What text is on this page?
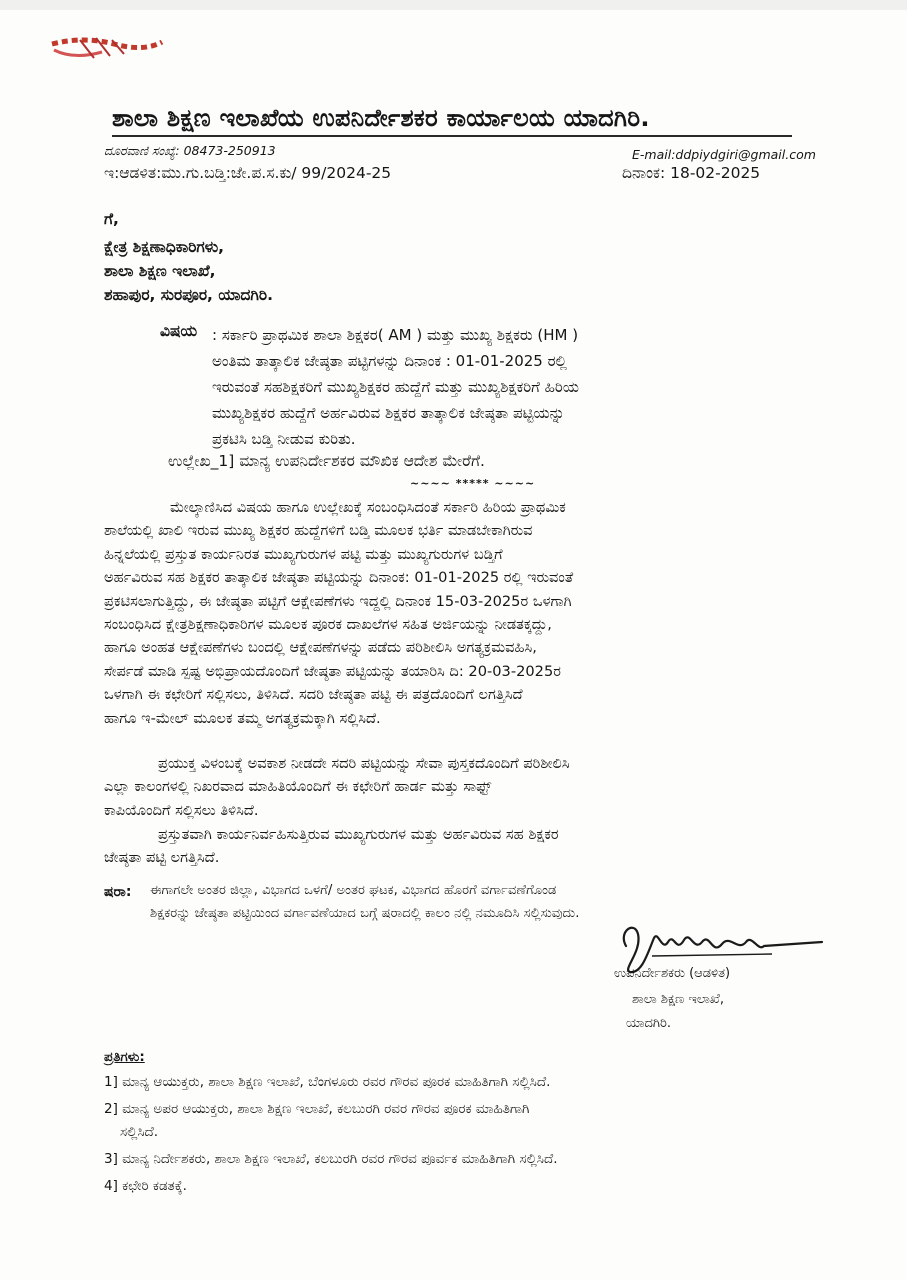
ಶಾಲಾ ಶಿಕ್ಷಣ ಇಲಾಖೆಯ ಉಪನಿರ್ದೇಶಕರ ಕಾರ್ಯಾಲಯ ಯಾದಗಿರಿ.
ದೂರವಾಣಿ ಸಂಖ್ಯೆ: 08473-250913	E-mail:ddpiydgiri@gmail.com
ಇ:ಆಡಳಿತ:ಮು.ಗು.ಬಡ್ತಿ:ಜೇ.ಪ.ಸ.ಕು/ 99/2024-25	ದಿನಾಂಕ: 18-02-2025
ಗೆ,
ಕ್ಷೇತ್ರ ಶಿಕ್ಷಣಾಧಿಕಾರಿಗಳು,
ಶಾಲಾ ಶಿಕ್ಷಣ ಇಲಾಖೆ,
ಶಹಾಪುರ, ಸುರಪೂರ, ಯಾದಗಿರಿ.
ವಿಷಯ : ಸರ್ಕಾರಿ ಪ್ರಾಥಮಿಕ ಶಾಲಾ ಶಿಕ್ಷಕರ( AM ) ಮತ್ತು ಮುಖ್ಯ ಶಿಕ್ಷಕರು (HM )

ಅಂತಿಮ ತಾತ್ಕಾಲಿಕ ಜೇಷ್ಠತಾ ಪಟ್ಟಿಗಳನ್ನು ದಿನಾಂಕ : 01-01-2025 ರಲ್ಲಿ

ಇರುವಂತೆ ಸಹಶಿಕ್ಷಕರಿಗೆ ಮುಖ್ಯಶಿಕ್ಷಕರ ಹುದ್ದೆಗೆ ಮತ್ತು ಮುಖ್ಯಶಿಕ್ಷಕರಿಗೆ ಹಿರಿಯ

ಮುಖ್ಯಶಿಕ್ಷಕರ ಹುದ್ದೆಗೆ ಅರ್ಹವಿರುವ ಶಿಕ್ಷಕರ ತಾತ್ಕಾಲಿಕ ಜೇಷ್ಠತಾ ಪಟ್ಟಿಯನ್ನು

ಪ್ರಕಟಿಸಿ ಬಡ್ತಿ ನೀಡುವ ಕುರಿತು.

ಉಲ್ಲೇಖ_1] ಮಾನ್ಯ ಉಪನಿರ್ದೇಶಕರ ಮೌಖಿಕ ಆದೇಶ ಮೇರೆಗೆ.
~~~~ ***** ~~~~

ಮೇಲ್ಕಾಣಿಸಿದ ವಿಷಯ ಹಾಗೂ ಉಲ್ಲೇಖಕ್ಕೆ ಸಂಬಂಧಿಸಿದಂತೆ ಸರ್ಕಾರಿ ಹಿರಿಯ ಪ್ರಾಥಮಿಕ

ಶಾಲೆಯಲ್ಲಿ ಖಾಲಿ ಇರುವ ಮುಖ್ಯ ಶಿಕ್ಷಕರ ಹುದ್ದೆಗಳಿಗೆ ಬಡ್ತಿ ಮೂಲಕ ಭರ್ತಿ ಮಾಡಬೇಕಾಗಿರುವ

ಹಿನ್ನಲೆಯಲ್ಲಿ ಪ್ರಸ್ತುತ ಕಾರ್ಯನಿರತ ಮುಖ್ಯಗುರುಗಳ ಪಟ್ಟಿ ಮತ್ತು ಮುಖ್ಯಗುರುಗಳ ಬಡ್ತಿಗೆ

ಅರ್ಹವಿರುವ ಸಹ ಶಿಕ್ಷಕರ ತಾತ್ಕಾಲಿಕ ಜೇಷ್ಠತಾ ಪಟ್ಟಿಯನ್ನು ದಿನಾಂಕ: 01-01-2025 ರಲ್ಲಿ ಇರುವಂತೆ

ಪ್ರಕಟಿಸಲಾಗುತ್ತಿದ್ದು, ಈ ಜೇಷ್ಠತಾ ಪಟ್ಟಿಗೆ ಆಕ್ಷೇಪಣೆಗಳು ಇದ್ದಲ್ಲಿ ದಿನಾಂಕ 15-03-2025ರ ಒಳಗಾಗಿ

ಸಂಬಂಧಿಸಿದ ಕ್ಷೇತ್ರಶಿಕ್ಷಣಾಧಿಕಾರಿಗಳ ಮೂಲಕ ಪೂರಕ ದಾಖಲೆಗಳ ಸಹಿತ ಅರ್ಜಿಯನ್ನು ನೀಡತಕ್ಕದ್ದು,

ಹಾಗೂ ಅಂಹತ ಆಕ್ಷೇಪಣೆಗಳು ಬಂದಲ್ಲಿ ಆಕ್ಷೇಪಣೆಗಳನ್ನು ಪಡೆದು ಪರಿಶೀಲಿಸಿ ಅಗತ್ಯಕ್ರಮವಹಿಸಿ,

ಸೇರ್ಪಡೆ ಮಾಡಿ ಸ್ಪಷ್ಟ ಅಭಿಪ್ರಾಯದೊಂದಿಗೆ ಜೇಷ್ಠತಾ ಪಟ್ಟಿಯನ್ನು ತಯಾರಿಸಿ ದಿ: 20-03-2025ರ

ಒಳಗಾಗಿ ಈ ಕಛೇರಿಗೆ ಸಲ್ಲಿಸಲು, ತಿಳಿಸಿದೆ. ಸದರಿ ಜೇಷ್ಠತಾ ಪಟ್ಟಿ ಈ ಪತ್ರದೊಂದಿಗೆ ಲಗತ್ತಿಸಿದೆ

ಹಾಗೂ ಇ-ಮೇಲ್ ಮೂಲಕ ತಮ್ಮ ಅಗತ್ಯಕ್ರಮಕ್ಕಾಗಿ ಸಲ್ಲಿಸಿದೆ.

ಪ್ರಯುಕ್ತ ವಿಳಂಬಕ್ಕೆ ಅವಕಾಶ ನೀಡದೇ ಸದರಿ ಪಟ್ಟಿಯನ್ನು ಸೇವಾ ಪುಸ್ತಕದೊಂದಿಗೆ ಪರಿಶೀಲಿಸಿ

ಎಲ್ಲಾ ಕಾಲಂಗಳಲ್ಲಿ ನಿಖರವಾದ ಮಾಹಿತಿಯೊಂದಿಗೆ ಈ ಕಛೇರಿಗೆ ಹಾರ್ಡ ಮತ್ತು ಸಾಫ್ಟ್

ಕಾಪಿಯೊಂದಿಗೆ ಸಲ್ಲಿಸಲು ತಿಳಿಸಿದೆ.

ಪ್ರಸ್ತುತವಾಗಿ ಕಾರ್ಯನಿರ್ವಹಿಸುತ್ತಿರುವ ಮುಖ್ಯಗುರುಗಳ ಮತ್ತು ಅರ್ಹವಿರುವ ಸಹ ಶಿಕ್ಷಕರ

ಜೇಷ್ಠತಾ ಪಟ್ಟಿ ಲಗತ್ತಿಸಿದೆ.

ಷರಾ: ಈಗಾಗಲೇ ಅಂತರ ಜಿಲ್ಲಾ, ವಿಭಾಗದ ಒಳಗೆ/ ಅಂತರ ಘಟಕ, ವಿಭಾಗದ ಹೊರಗೆ ವರ್ಗಾವಣೆಗೊಂಡ
ಶಿಕ್ಷಕರನ್ನು ಜೇಷ್ಠತಾ ಪಟ್ಟಿಯಿಂದ ವರ್ಗಾವಣೆಯಾದ ಬಗ್ಗೆ ಷರಾದಲ್ಲಿ ಕಾಲಂ ನಲ್ಲಿ ನಮೂದಿಸಿ ಸಲ್ಲಿಸುವುದು.
ಉಪನಿರ್ದೇಶಕರು (ಆಡಳಿತ)
ಶಾಲಾ ಶಿಕ್ಷಣ ಇಲಾಖೆ,
ಯಾದಗಿರಿ.
ಪ್ರತಿಗಳು:
1] ಮಾನ್ಯ ಆಯುಕ್ತರು, ಶಾಲಾ ಶಿಕ್ಷಣ ಇಲಾಖೆ, ಬೆಂಗಳೂರು ರವರ ಗೌರವ ಪೂರಕ ಮಾಹಿತಿಗಾಗಿ ಸಲ್ಲಿಸಿದೆ.
2] ಮಾನ್ಯ ಅಪರ ಆಯುಕ್ತರು, ಶಾಲಾ ಶಿಕ್ಷಣ ಇಲಾಖೆ, ಕಲಬುರಗಿ ರವರ ಗೌರವ ಪೂರಕ ಮಾಹಿತಿಗಾಗಿ
ಸಲ್ಲಿಸಿದೆ.
3] ಮಾನ್ಯ ನಿರ್ದೇಶಕರು, ಶಾಲಾ ಶಿಕ್ಷಣ ಇಲಾಖೆ, ಕಲಬುರಗಿ ರವರ ಗೌರವ ಪೂರ್ವಕ ಮಾಹಿತಿಗಾಗಿ ಸಲ್ಲಿಸಿದೆ.
4] ಕಛೇರಿ ಕಡತಕ್ಕೆ.
